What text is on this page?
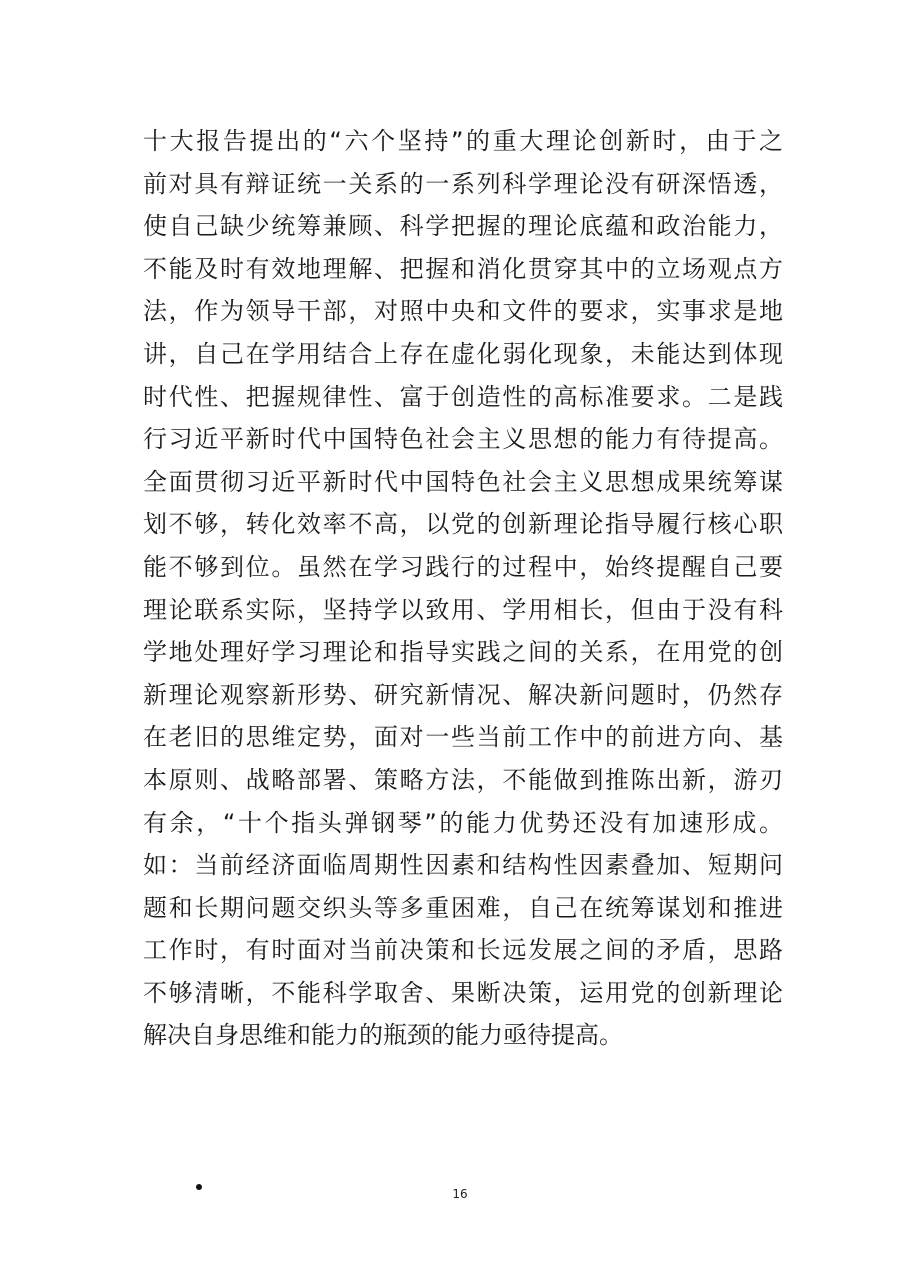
十大报告提出的“六个坚持”的重大理论创新时，由于之
前对具有辩证统一关系的一系列科学理论没有研深悟透，
使自己缺少统筹兼顾、科学把握的理论底蕴和政治能力，
不能及时有效地理解、把握和消化贯穿其中的立场观点方
法，作为领导干部，对照中央和文件的要求，实事求是地
讲，自己在学用结合上存在虚化弱化现象，未能达到体现
时代性、把握规律性、富于创造性的高标准要求。二是践
行习近平新时代中国特色社会主义思想的能力有待提高。
全面贯彻习近平新时代中国特色社会主义思想成果统筹谋
划不够，转化效率不高，以党的创新理论指导履行核心职
能不够到位。虽然在学习践行的过程中，始终提醒自己要
理论联系实际，坚持学以致用、学用相长，但由于没有科
学地处理好学习理论和指导实践之间的关系，在用党的创
新理论观察新形势、研究新情况、解决新问题时，仍然存
在老旧的思维定势，面对一些当前工作中的前进方向、基
本原则、战略部署、策略方法，不能做到推陈出新，游刃
有余，“十个指头弹钢琴”的能力优势还没有加速形成。
如：当前经济面临周期性因素和结构性因素叠加、短期问
题和长期问题交织头等多重困难，自己在统筹谋划和推进
工作时，有时面对当前决策和长远发展之间的矛盾，思路
不够清晰，不能科学取舍、果断决策，运用党的创新理论
解决自身思维和能力的瓶颈的能力亟待提高。
16
